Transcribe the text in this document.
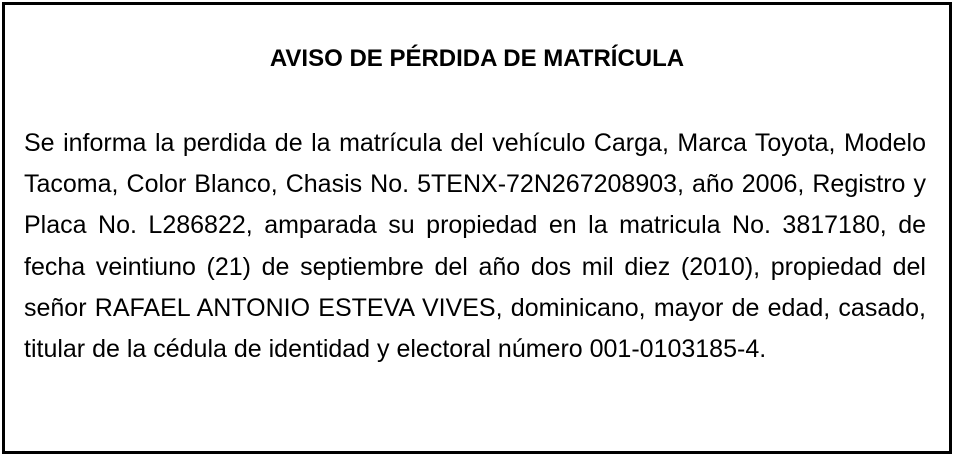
AVISO DE PÉRDIDA DE MATRÍCULA

Se informa la perdida de la matrícula del vehículo Carga, Marca Toyota, Modelo Tacoma, Color Blanco, Chasis No. 5TENX-72N267208903, año 2006, Registro y Placa No. L286822, amparada su propiedad en la matricula No. 3817180, de fecha veintiuno (21) de septiembre del año dos mil diez (2010), propiedad del señor RAFAEL ANTONIO ESTEVA VIVES, dominicano, mayor de edad, casado, titular de la cédula de identidad y electoral número 001-0103185-4.
